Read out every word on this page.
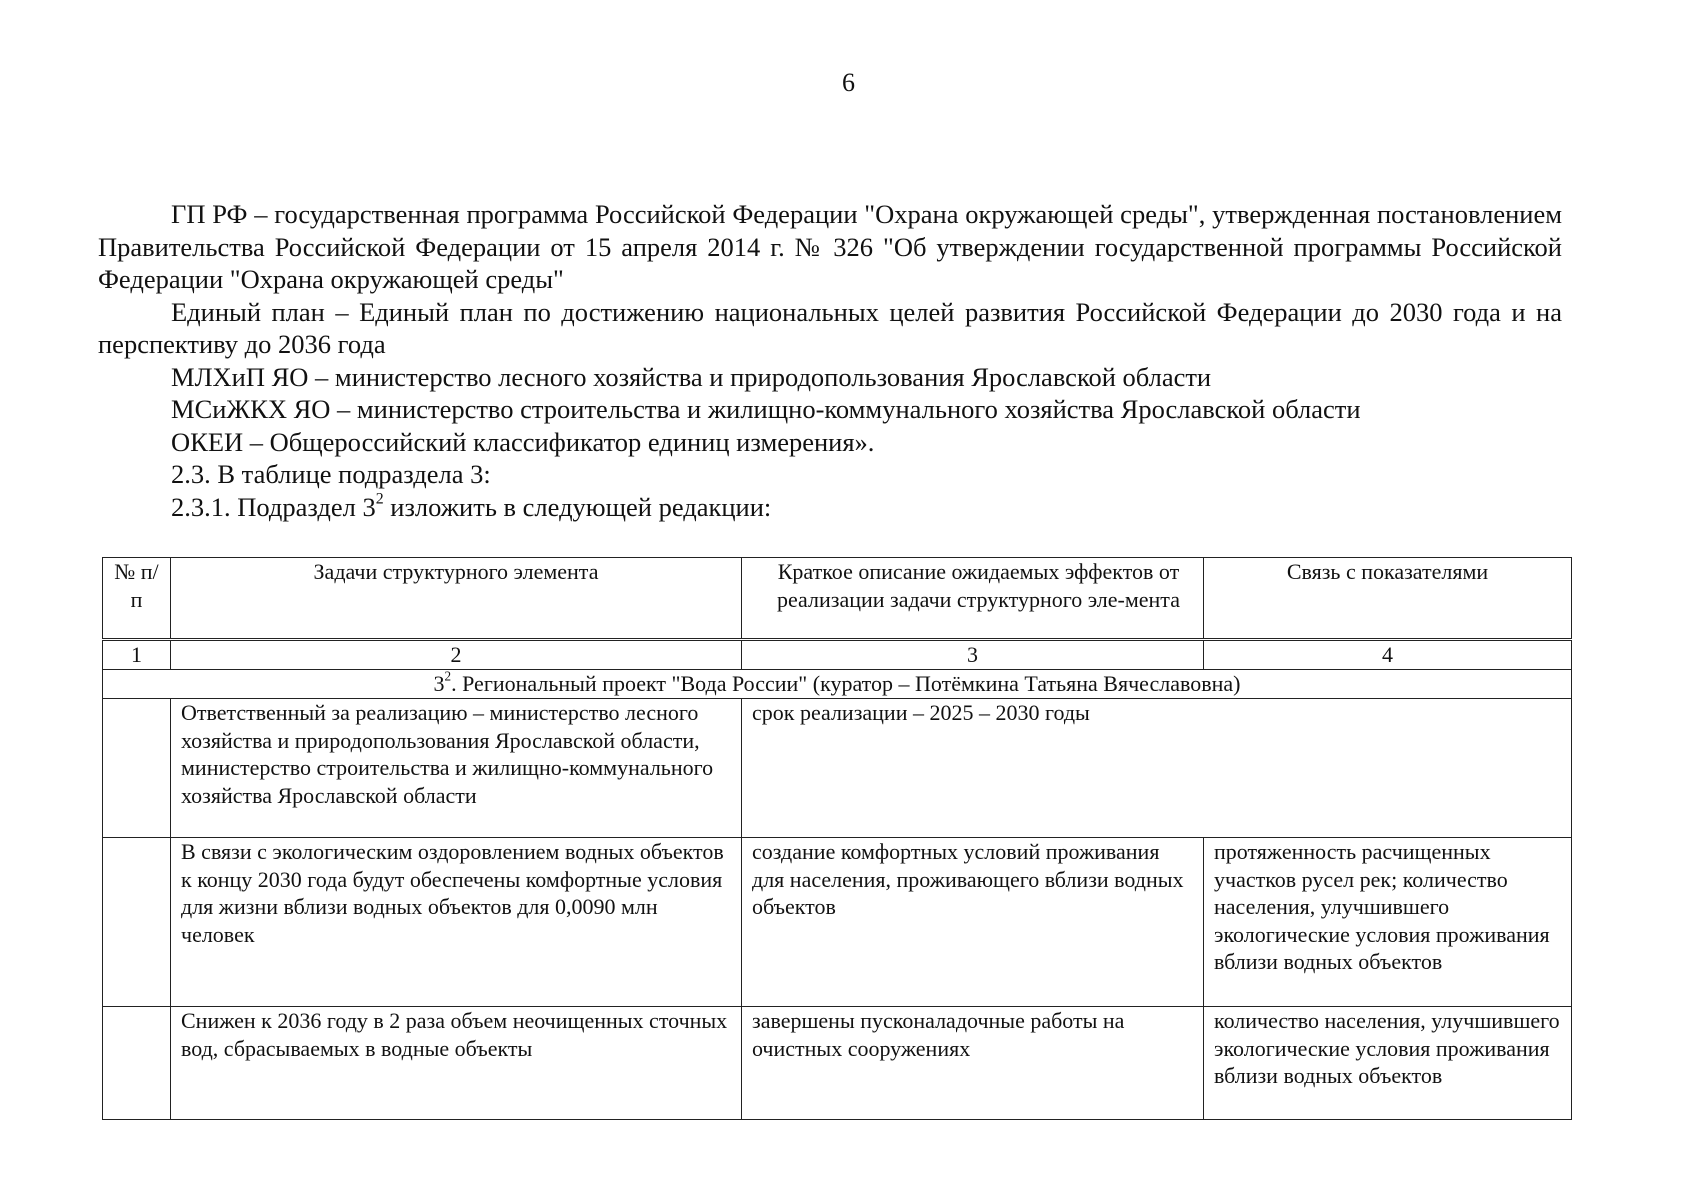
6

ГП РФ – государственная программа Российской Федерации "Охрана окружающей среды", утвержденная постановлением Правительства Российской Федерации от 15 апреля 2014 г. № 326 "Об утверждении государственной программы Российской Федерации "Охрана окружающей среды"

Единый план – Единый план по достижению национальных целей развития Российской Федерации до 2030 года и на перспективу до 2036 года

МЛХиП ЯО – министерство лесного хозяйства и природопользования Ярославской области

МСиЖКХ ЯО – министерство строительства и жилищно-коммунального хозяйства Ярославской области

ОКЕИ – Общероссийский классификатор единиц измерения».

2.3. В таблице подраздела 3:

2.3.1. Подраздел $3^2$ изложить в следующей редакции:

№ п/п	Задачи структурного элемента	Краткое описание ожидаемых эффектов от реализации задачи структурного эле-мента	Связь с показателями
1	2	3	4
$3^2$. Региональный проект "Вода России" (куратор – Потёмкина Татьяна Вячеславовна)			
	Ответственный за реализацию – министерство лесного хозяйства и природопользования Ярославской области, министерство строительства и жилищно-коммунального хозяйства Ярославской области	срок реализации – 2025 – 2030 годы	
	В связи с экологическим оздоровлением водных объектов к концу 2030 года будут обеспечены комфортные условия для жизни вблизи водных объектов для 0,0090 млн человек	создание комфортных условий проживания для населения, проживающего вблизи водных объектов	протяженность расчищенных участков русел рек; количество населения, улучшившего экологические условия проживания вблизи водных объектов
	Снижен к 2036 году в 2 раза объем неочищенных сточных вод, сбрасываемых в водные объекты	завершены пусконаладочные работы на очистных сооружениях	количество населения, улучшившего экологические условия проживания вблизи водных объектов
